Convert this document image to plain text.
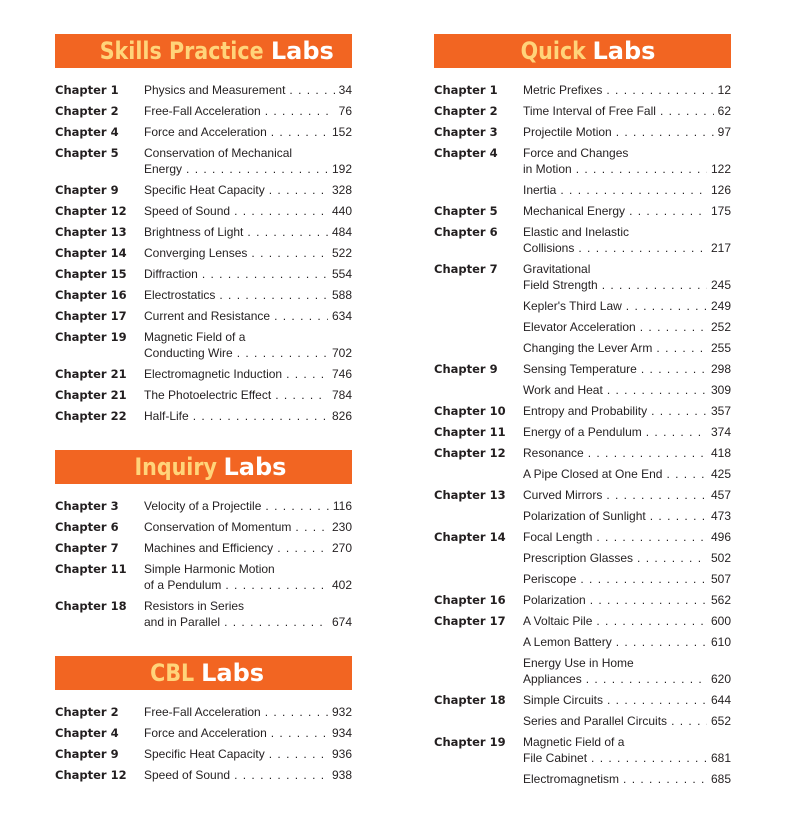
Skills Practice Labs
Chapter 1	Physics and Measurement . . .	34
Chapter 2	Free-Fall Acceleration . . .	76
Chapter 4	Force and Acceleration . . .	152
Chapter 5	Conservation of Mechanical
Energy . . .	192
Chapter 9	Specific Heat Capacity . . .	328
Chapter 12	Speed of Sound . . .	440
Chapter 13	Brightness of Light . . .	484
Chapter 14	Converging Lenses . . .	522
Chapter 15	Diffraction . . .	554
Chapter 16	Electrostatics . . .	588
Chapter 17	Current and Resistance . . .	634
Chapter 19	Magnetic Field of a
Conducting Wire . . .	702
Chapter 21	Electromagnetic Induction . . .	746
Chapter 21	The Photoelectric Effect . . .	784
Chapter 22	Half-Life . . .	826
Inquiry Labs
Chapter 3	Velocity of a Projectile . . .	116
Chapter 6	Conservation of Momentum . . .	230
Chapter 7	Machines and Efficiency . . .	270
Chapter 11	Simple Harmonic Motion
of a Pendulum . . .	402
Chapter 18	Resistors in Series
and in Parallel . . .	674
CBL Labs
Chapter 2	Free-Fall Acceleration . . .	932
Chapter 4	Force and Acceleration . . .	934
Chapter 9	Specific Heat Capacity . . .	936
Chapter 12	Speed of Sound . . .	938
Quick Labs
Chapter 1	Metric Prefixes . . .	12
Chapter 2	Time Interval of Free Fall . . .	62
Chapter 3	Projectile Motion . . .	97
Chapter 4	Force and Changes
in Motion . . .	122
Inertia . . .	126
Chapter 5	Mechanical Energy . . .	175
Chapter 6	Elastic and Inelastic
Collisions . . .	217
Chapter 7	Gravitational
Field Strength . . .	245
Kepler's Third Law . . .	249
Elevator Acceleration . . .	252
Changing the Lever Arm . . .	255
Chapter 9	Sensing Temperature . . .	298
Work and Heat . . .	309
Chapter 10	Entropy and Probability . . .	357
Chapter 11	Energy of a Pendulum . . .	374
Chapter 12	Resonance . . .	418
A Pipe Closed at One End . . .	425
Chapter 13	Curved Mirrors . . .	457
Polarization of Sunlight . . .	473
Chapter 14	Focal Length . . .	496
Prescription Glasses . . .	502
Periscope . . .	507
Chapter 16	Polarization . . .	562
Chapter 17	A Voltaic Pile . . .	600
A Lemon Battery . . .	610
Energy Use in Home
Appliances . . .	620
Chapter 18	Simple Circuits . . .	644
Series and Parallel Circuits . . .	652
Chapter 19	Magnetic Field of a
File Cabinet . . .	681
Electromagnetism . . .	685
